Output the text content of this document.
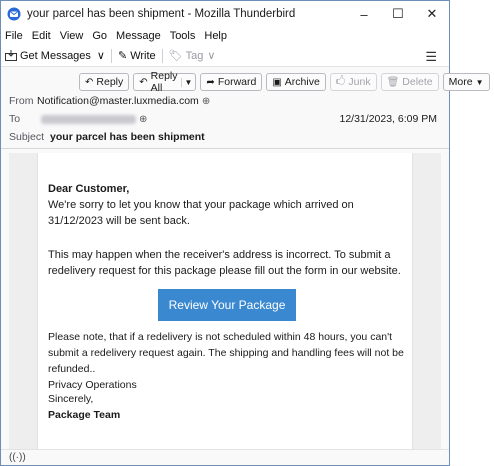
your parcel has been shipment - Mozilla Thunderbird	–	☐	✕
File Edit View Go Message Tools Help
Get Messages ∨ ✎ Write 🏷 Tag ∨	☰
↶ Reply ↶ Reply All	▼ ➦ Forward ▣ Archive 🖒 Junk 🗑 Delete More ▼
From Notification@master.luxmedia.com ⊕
To	⊕	12/31/2023, 6:09 PM
Subject your parcel has been shipment
Dear Customer,
We're sorry to let you know that your package which arrived on 31/12/2023 will be sent back.
This may happen when the receiver's address is incorrect. To submit a redelivery request for this package please fill out the form in our website.
Review Your Package
Please note, that if a redelivery is not scheduled within 48 hours, you can't submit a redelivery request again. The shipping and handling fees will not be refunded..
Privacy Operations
Sincerely,
Package Team
((·))
